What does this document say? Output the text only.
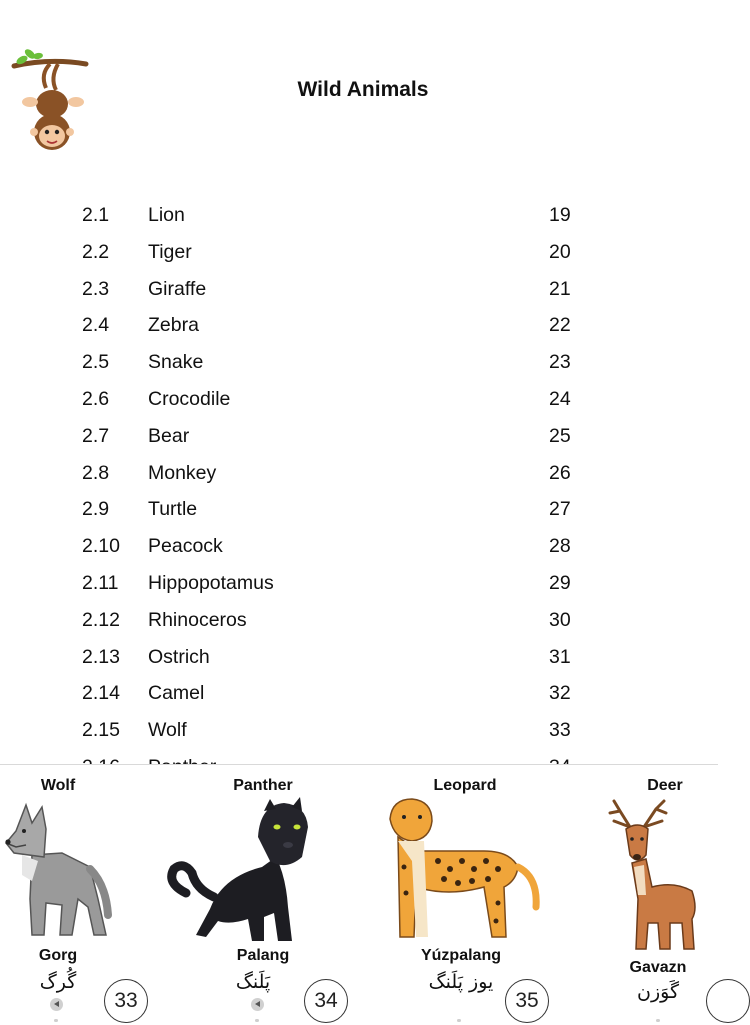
Wild Animals
2.1 Lion	19
2.2 Tiger	20
2.3 Giraffe	21
2.4 Zebra	22
2.5 Snake	23
2.6 Crocodile	24
2.7 Bear	25
2.8 Monkey	26
2.9 Turtle	27
2.10 Peacock	28
2.11 Hippopotamus	29
2.12 Rhinoceros	30
2.13 Ostrich	31
2.14 Camel	32
2.15 Wolf	33
Wolf
Gorg
گُرگ
33
Panther
Palang
پَلَنگ
34
Leopard
Yúzpalang
یوز پَلَنگ
35
Deer
Gavazn
گَوَزن
